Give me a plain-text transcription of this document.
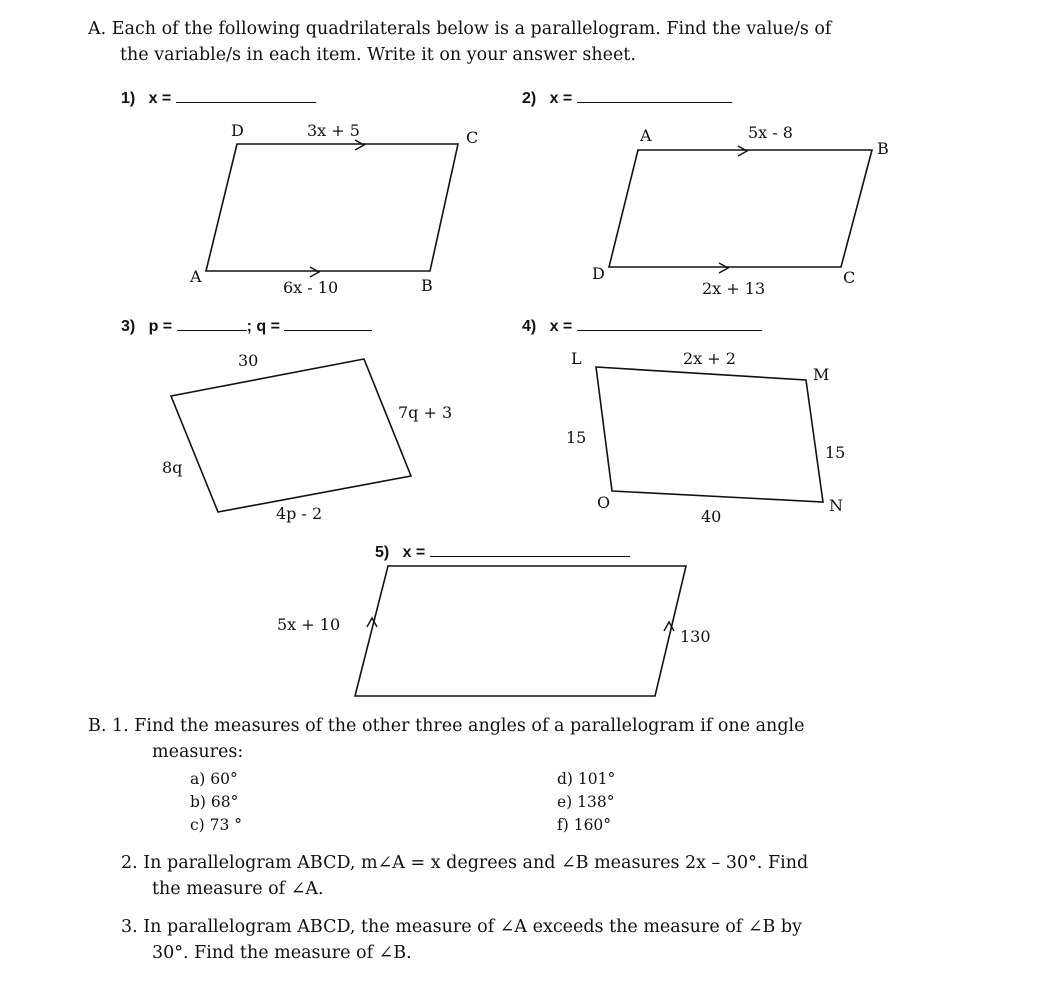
A. Each of the following quadrilaterals below is a parallelogram. Find the value/s of
the variable/s in each item. Write it on your answer sheet.
1) x =	2) x =
3) p =	; q =	4) x =
5) x =
D	C
A	B
3x + 5
6x - 10
A
B
D	C
5x - 8
2x + 13
30
7q + 3
8q
4p - 2
L
M
O	N
2x + 2
15
15
40
5x + 10
130
B. 1. Find the measures of the other three angles of a parallelogram if one angle
measures:
a) 60°
b) 68°
c) 73 °
d) 101°
e) 138°
f) 160°
2. In parallelogram ABCD, m∠A = x degrees and ∠B measures 2x – 30°. Find
the measure of ∠A.
3. In parallelogram ABCD, the measure of ∠A exceeds the measure of ∠B by
30°. Find the measure of ∠B.
